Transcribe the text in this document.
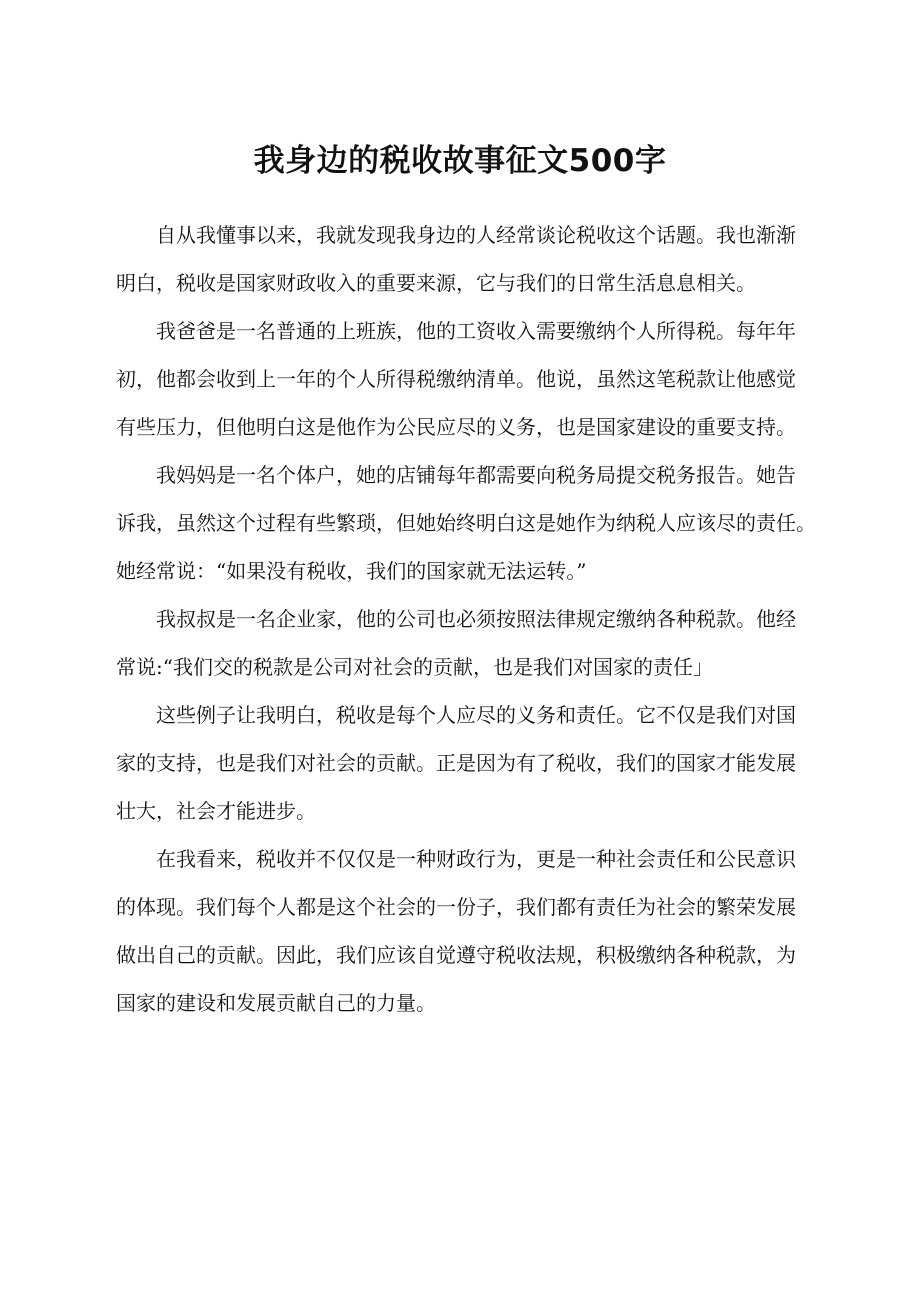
我身边的税收故事征文500字

自从我懂事以来，我就发现我身边的人经常谈论税收这个话题。我也渐渐
明白，税收是国家财政收入的重要来源，它与我们的日常生活息息相关。

我爸爸是一名普通的上班族，他的工资收入需要缴纳个人所得税。每年年
初，他都会收到上一年的个人所得税缴纳清单。他说，虽然这笔税款让他感觉
有些压力，但他明白这是他作为公民应尽的义务，也是国家建设的重要支持。

我妈妈是一名个体户，她的店铺每年都需要向税务局提交税务报告。她告
诉我，虽然这个过程有些繁琐，但她始终明白这是她作为纳税人应该尽的责任。
她经常说：“如果没有税收，我们的国家就无法运转。”

我叔叔是一名企业家，他的公司也必须按照法律规定缴纳各种税款。他经
常说:“我们交的税款是公司对社会的贡献，也是我们对国家的责任」

这些例子让我明白，税收是每个人应尽的义务和责任。它不仅是我们对国
家的支持，也是我们对社会的贡献。正是因为有了税收，我们的国家才能发展
壮大，社会才能进步。

在我看来，税收并不仅仅是一种财政行为，更是一种社会责任和公民意识
的体现。我们每个人都是这个社会的一份子，我们都有责任为社会的繁荣发展
做出自己的贡献。因此，我们应该自觉遵守税收法规，积极缴纳各种税款，为
国家的建设和发展贡献自己的力量。
